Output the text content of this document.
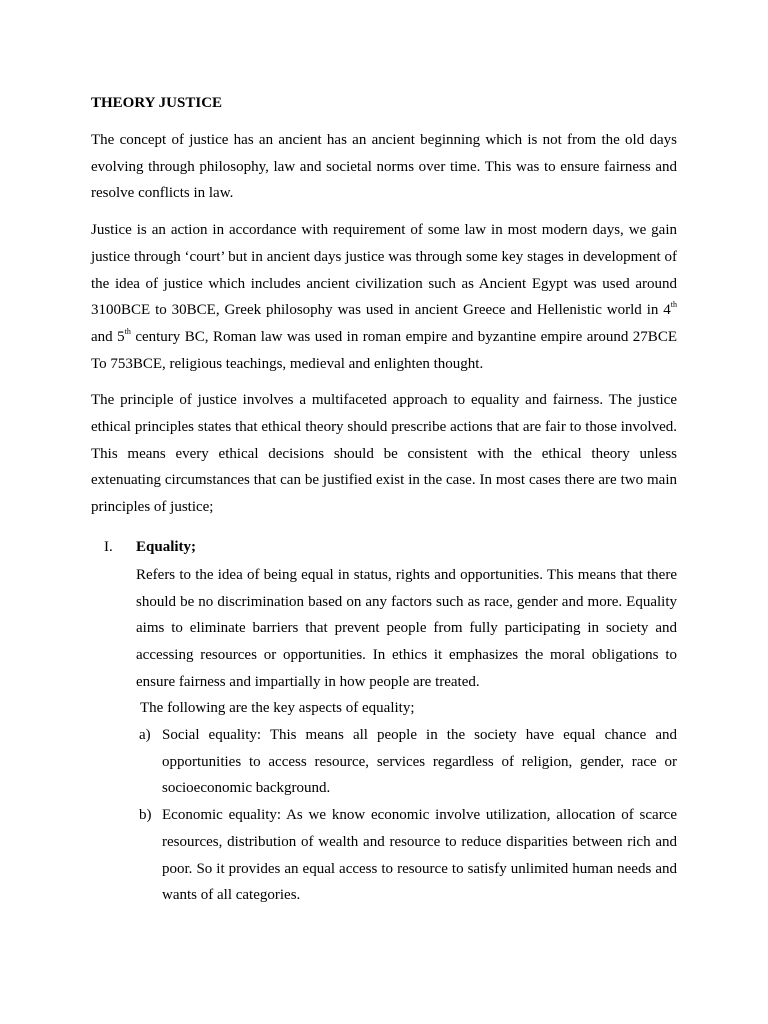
THEORY JUSTICE

The concept of justice has an ancient has an ancient beginning which is not from the old days evolving through philosophy, law and societal norms over time. This was to ensure fairness and resolve conflicts in law.

Justice is an action in accordance with requirement of some law in most modern days, we gain justice through ‘court’ but in ancient days justice was through some key stages in development of the idea of justice which includes ancient civilization such as Ancient Egypt was used around 3100BCE to 30BCE, Greek philosophy was used in ancient Greece and Hellenistic world in 4th and 5th century BC, Roman law was used in roman empire and byzantine empire around 27BCE To 753BCE, religious teachings, medieval and enlighten thought.

The principle of justice involves a multifaceted approach to equality and fairness. The justice ethical principles states that ethical theory should prescribe actions that are fair to those involved. This means every ethical decisions should be consistent with the ethical theory unless extenuating circumstances that can be justified exist in the case. In most cases there are two main principles of justice;

I. Equality;
Refers to the idea of being equal in status, rights and opportunities. This means that there should be no discrimination based on any factors such as race, gender and more. Equality aims to eliminate barriers that prevent people from fully participating in society and accessing resources or opportunities. In ethics it emphasizes the moral obligations to ensure fairness and impartially in how people are treated.
The following are the key aspects of equality;
a) Social equality: This means all people in the society have equal chance and opportunities to access resource, services regardless of religion, gender, race or socioeconomic background.
b) Economic equality: As we know economic involve utilization, allocation of scarce resources, distribution of wealth and resource to reduce disparities between rich and poor. So it provides an equal access to resource to satisfy unlimited human needs and wants of all categories.
